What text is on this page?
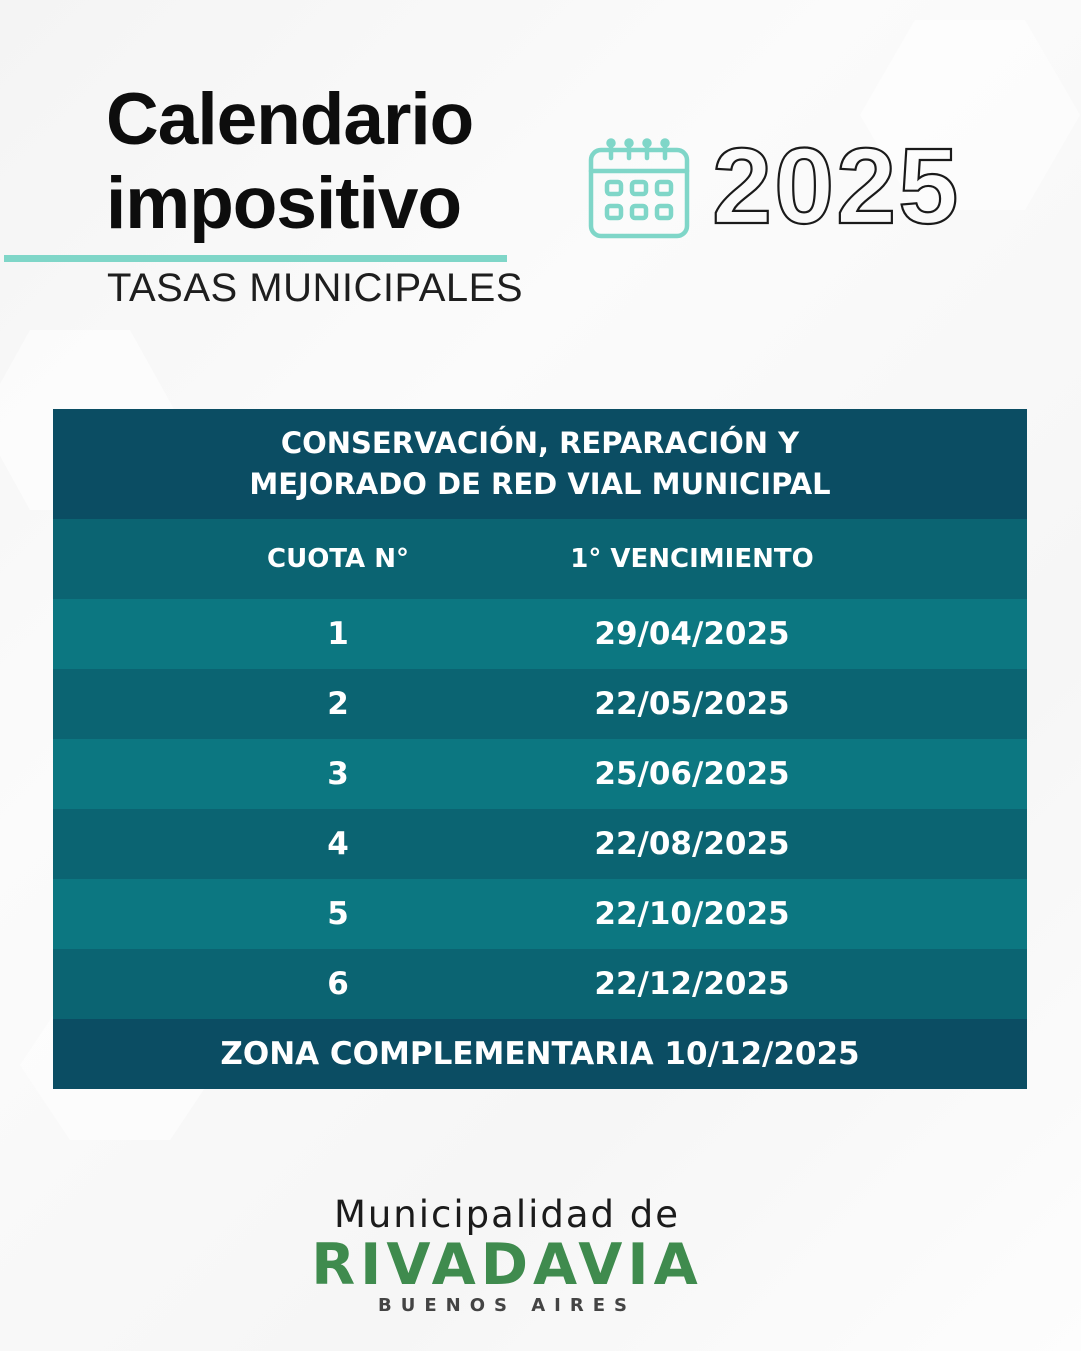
Calendario
impositivo
TASAS MUNICIPALES
2025
CONSERVACIÓN, REPARACIÓN Y
MEJORADO DE RED VIAL MUNICIPAL
CUOTA N°	1° VENCIMIENTO
1	29/04/2025
2	22/05/2025
3	25/06/2025
4	22/08/2025
5	22/10/2025
6	22/12/2025
ZONA COMPLEMENTARIA 10/12/2025
Municipalidad de
RIVADAVIA
BUENOS AIRES
